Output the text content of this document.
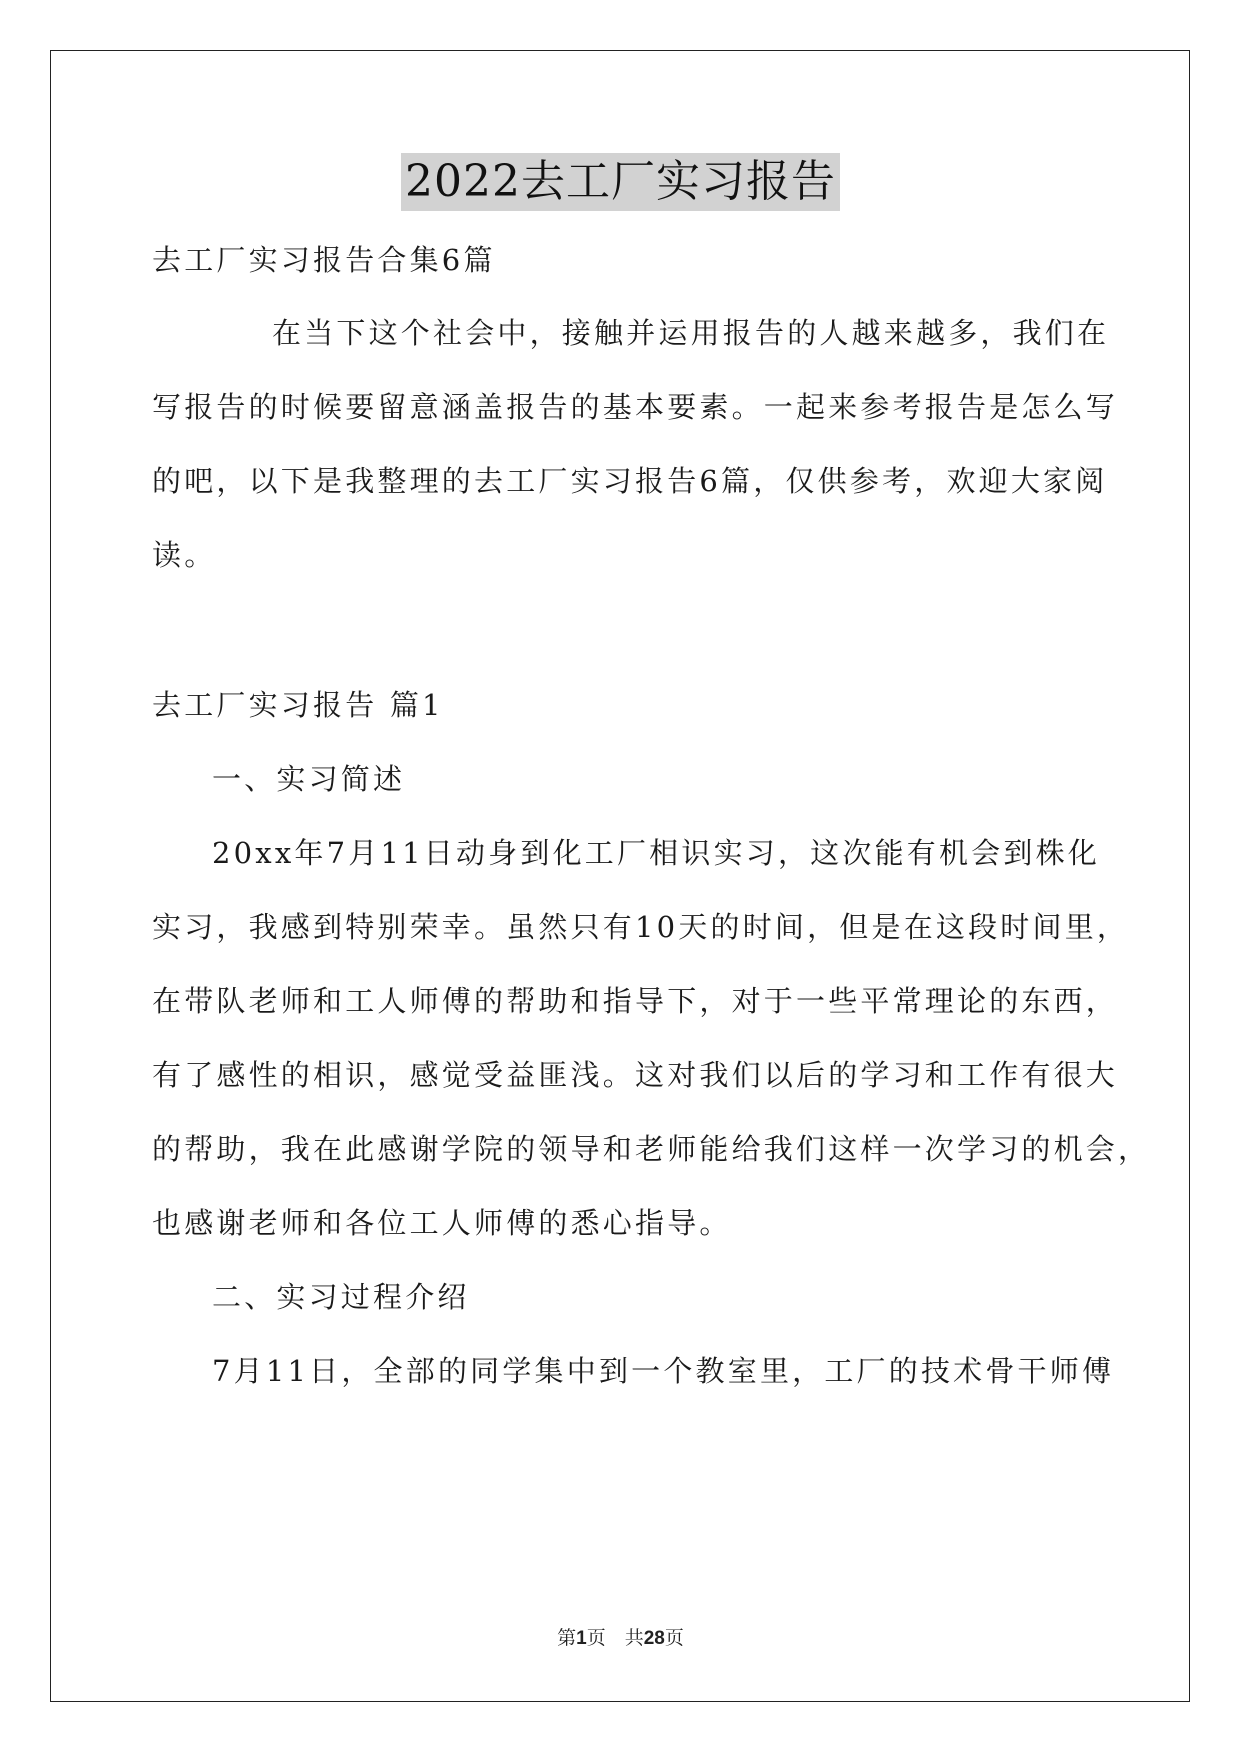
2022去工厂实习报告
去工厂实习报告合集6篇
在当下这个社会中，接触并运用报告的人越来越多，我们在
写报告的时候要留意涵盖报告的基本要素。一起来参考报告是怎么写
的吧，以下是我整理的去工厂实习报告6篇，仅供参考，欢迎大家阅
读。
去工厂实习报告 篇1
一、实习简述
20xx年7月11日动身到化工厂相识实习，这次能有机会到株化
实习，我感到特别荣幸。虽然只有10天的时间，但是在这段时间里，
在带队老师和工人师傅的帮助和指导下，对于一些平常理论的东西，
有了感性的相识，感觉受益匪浅。这对我们以后的学习和工作有很大
的帮助，我在此感谢学院的领导和老师能给我们这样一次学习的机会，
也感谢老师和各位工人师傅的悉心指导。
二、实习过程介绍
7月11日，全部的同学集中到一个教室里，工厂的技术骨干师傅
第1页　共28页
